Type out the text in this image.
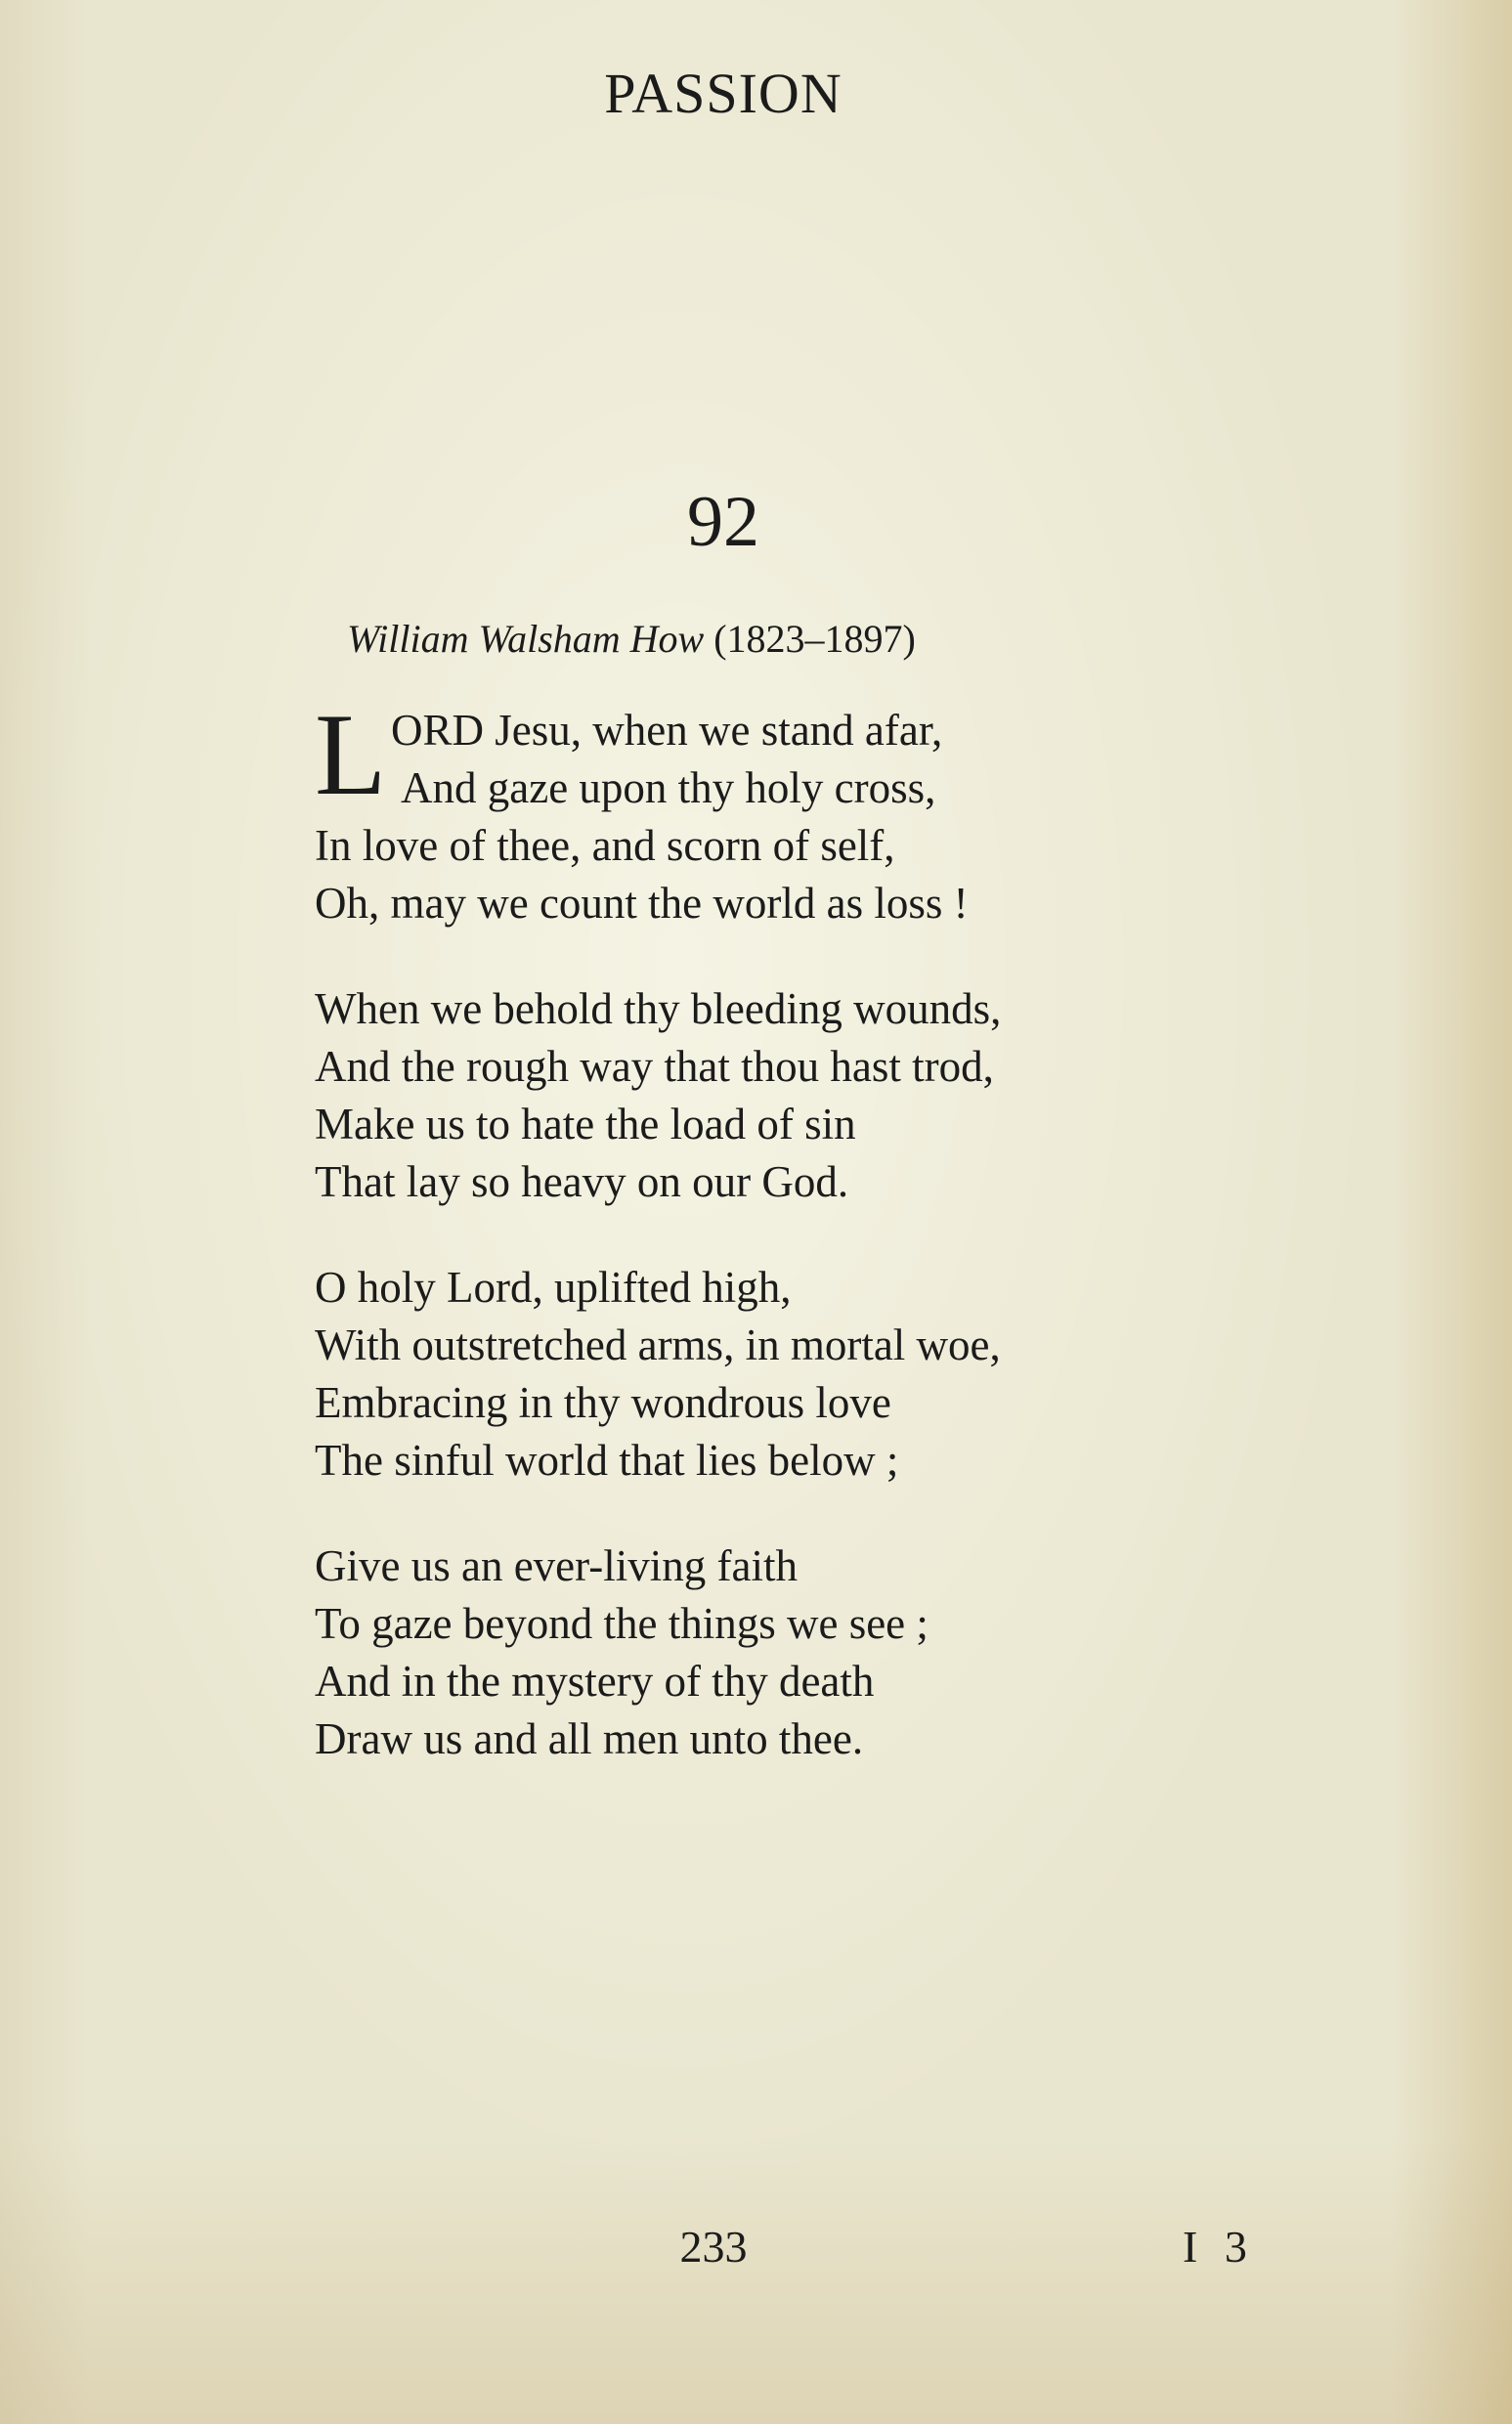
PASSION
92
William Walsham How (1823–1897)
L ORD Jesu, when we stand afar,
And gaze upon thy holy cross,
In love of thee, and scorn of self,
Oh, may we count the world as loss !
When we behold thy bleeding wounds,
And the rough way that thou hast trod,
Make us to hate the load of sin
That lay so heavy on our God.
O holy Lord, uplifted high,
With outstretched arms, in mortal woe,
Embracing in thy wondrous love
The sinful world that lies below ;
Give us an ever-living faith
To gaze beyond the things we see ;
And in the mystery of thy death
Draw us and all men unto thee.
233	I 3
